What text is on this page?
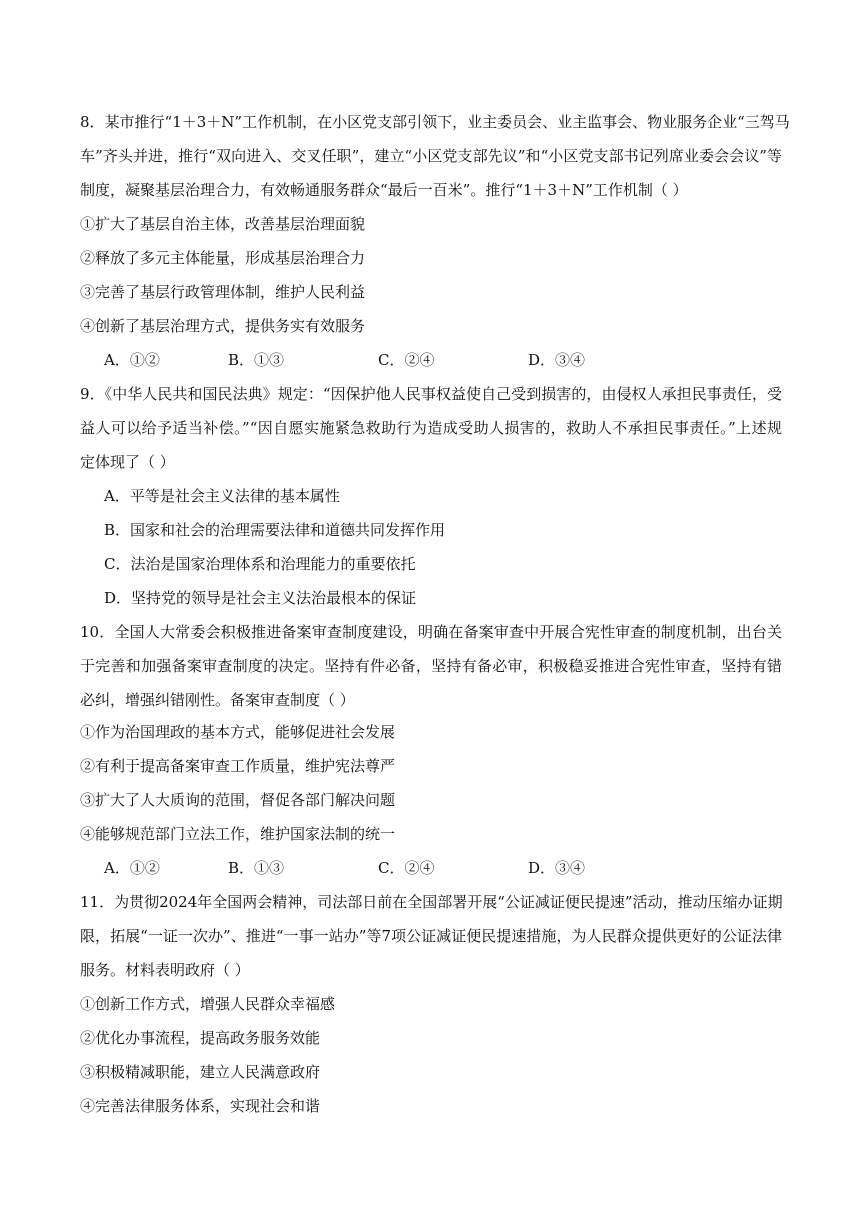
8．某市推行“1＋3＋N”工作机制，在小区党支部引领下，业主委员会、业主监事会、物业服务企业“三驾马
车”齐头并进，推行“双向进入、交叉任职”，建立“小区党支部先议”和“小区党支部书记列席业委会会议”等
制度，凝聚基层治理合力，有效畅通服务群众“最后一百米”。推行“1＋3＋N”工作机制（ ）
①扩大了基层自治主体，改善基层治理面貌
②释放了多元主体能量，形成基层治理合力
③完善了基层行政管理体制，维护人民利益
④创新了基层治理方式，提供务实有效服务
A．①②	B．①③	C．②④	D．③④
9．《中华人民共和国民法典》规定：“因保护他人民事权益使自己受到损害的，由侵权人承担民事责任，受
益人可以给予适当补偿。”“因自愿实施紧急救助行为造成受助人损害的，救助人不承担民事责任。”上述规
定体现了（ ）
A．平等是社会主义法律的基本属性
B．国家和社会的治理需要法律和道德共同发挥作用
C．法治是国家治理体系和治理能力的重要依托
D．坚持党的领导是社会主义法治最根本的保证
10．全国人大常委会积极推进备案审查制度建设，明确在备案审查中开展合宪性审查的制度机制，出台关
于完善和加强备案审查制度的决定。坚持有件必备，坚持有备必审，积极稳妥推进合宪性审查，坚持有错
必纠，增强纠错刚性。备案审查制度（ ）
①作为治国理政的基本方式，能够促进社会发展
②有利于提高备案审查工作质量，维护宪法尊严
③扩大了人大质询的范围，督促各部门解决问题
④能够规范部门立法工作，维护国家法制的统一
A．①②	B．①③	C．②④	D．③④
11．为贯彻2024年全国两会精神，司法部日前在全国部署开展“公证减证便民提速”活动，推动压缩办证期
限，拓展“一证一次办”、推进“一事一站办”等7项公证减证便民提速措施，为人民群众提供更好的公证法律
服务。材料表明政府（ ）
①创新工作方式，增强人民群众幸福感
②优化办事流程，提高政务服务效能
③积极精减职能，建立人民满意政府
④完善法律服务体系，实现社会和谐
